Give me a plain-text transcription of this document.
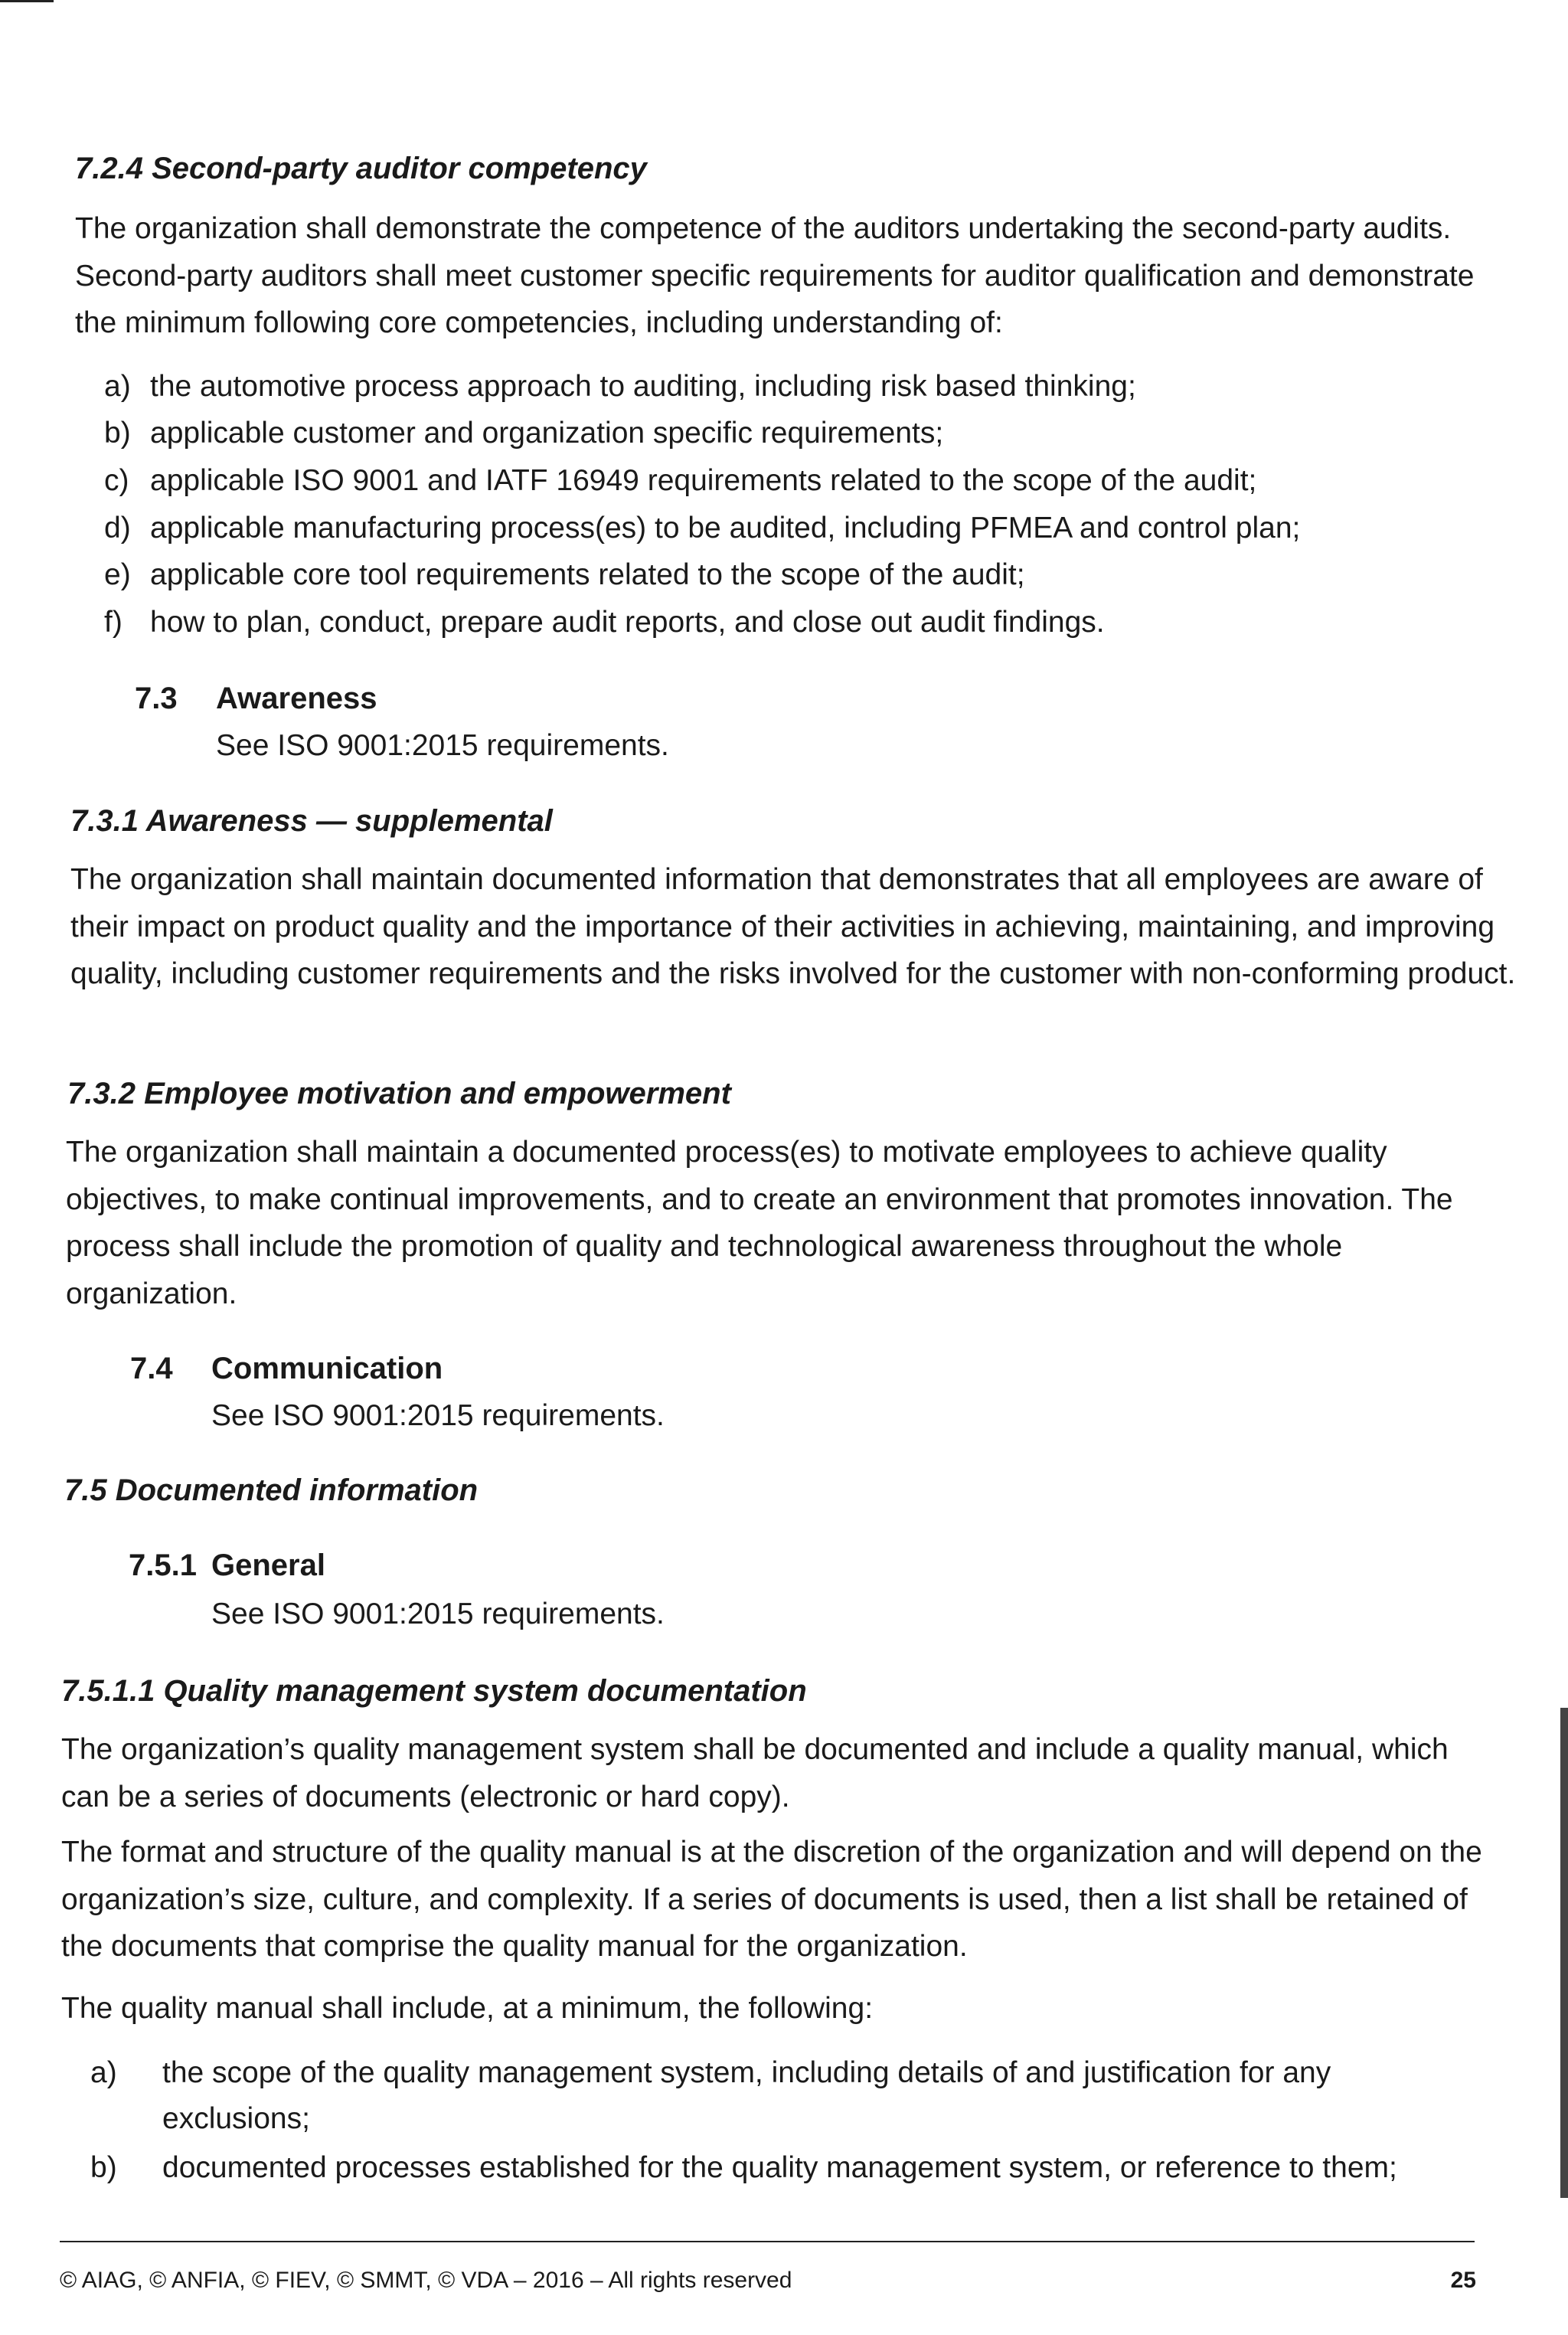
7.2.4 Second-party auditor competency

The organization shall demonstrate the competence of the auditors undertaking the second-party audits. Second-party auditors shall meet customer specific requirements for auditor qualification and demonstrate the minimum following core competencies, including understanding of:

a) the automotive process approach to auditing, including risk based thinking;
b) applicable customer and organization specific requirements;
c) applicable ISO 9001 and IATF 16949 requirements related to the scope of the audit;
d) applicable manufacturing process(es) to be audited, including PFMEA and control plan;
e) applicable core tool requirements related to the scope of the audit;
f) how to plan, conduct, prepare audit reports, and close out audit findings.
7.3 Awareness
See ISO 9001:2015 requirements.
7.3.1 Awareness — supplemental

The organization shall maintain documented information that demonstrates that all employees are aware of their impact on product quality and the importance of their activities in achieving, maintaining, and improving quality, including customer requirements and the risks involved for the customer with non-conforming product.

7.3.2 Employee motivation and empowerment

The organization shall maintain a documented process(es) to motivate employees to achieve quality objectives, to make continual improvements, and to create an environment that promotes innovation. The process shall include the promotion of quality and technological awareness throughout the whole organization.

7.4 Communication
See ISO 9001:2015 requirements.
7.5 Documented information
7.5.1 General
See ISO 9001:2015 requirements.
7.5.1.1 Quality management system documentation

The organization’s quality management system shall be documented and include a quality manual, which can be a series of documents (electronic or hard copy).

The format and structure of the quality manual is at the discretion of the organization and will depend on the organization’s size, culture, and complexity. If a series of documents is used, then a list shall be retained of the documents that comprise the quality manual for the organization.

The quality manual shall include, at a minimum, the following:

a) the scope of the quality management system, including details of and justification for any
exclusions;
b) documented processes established for the quality management system, or reference to them;
© AIAG, © ANFIA, © FIEV, © SMMT, © VDA – 2016 – All rights reserved	25
